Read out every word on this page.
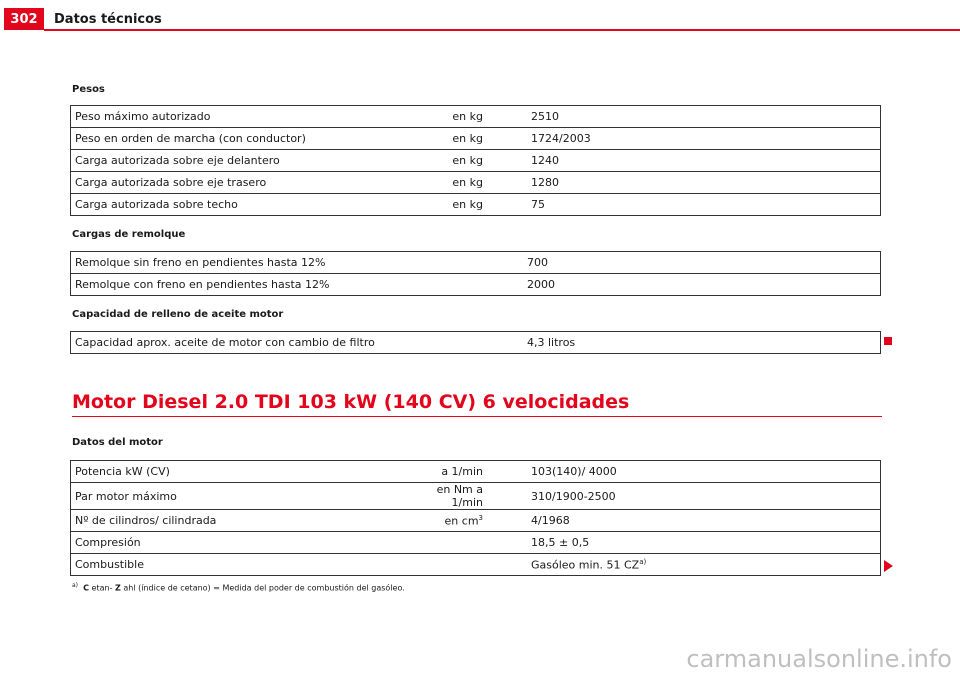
302	Datos técnicos
Pesos
Peso máximo autorizado	en kg	2510
Peso en orden de marcha (con conductor)	en kg	1724/2003
Carga autorizada sobre eje delantero	en kg	1240
Carga autorizada sobre eje trasero	en kg	1280
Carga autorizada sobre techo	en kg	75
Cargas de remolque
Remolque sin freno en pendientes hasta 12%	700
Remolque con freno en pendientes hasta 12%	2000
Capacidad de relleno de aceite motor
Capacidad aprox. aceite de motor con cambio de filtro	4,3 litros
Motor Diesel 2.0 TDI 103 kW (140 CV) 6 velocidades
Datos del motor
Potencia kW (CV)	a 1/min	103(140)/ 4000
Par motor máximo	en Nm a 1/min	310/1900-2500
Nº de cilindros/ cilindrada	en $cm^3$	4/1968
Compresión		18,5 ± 0,5
Combustible		Gasóleo min. 51 CZ$^{a)}$
$^{a)}$ C etan- Z ahl (índice de cetano) = Medida del poder de combustión del gasóleo.
carmanualsonline.info
